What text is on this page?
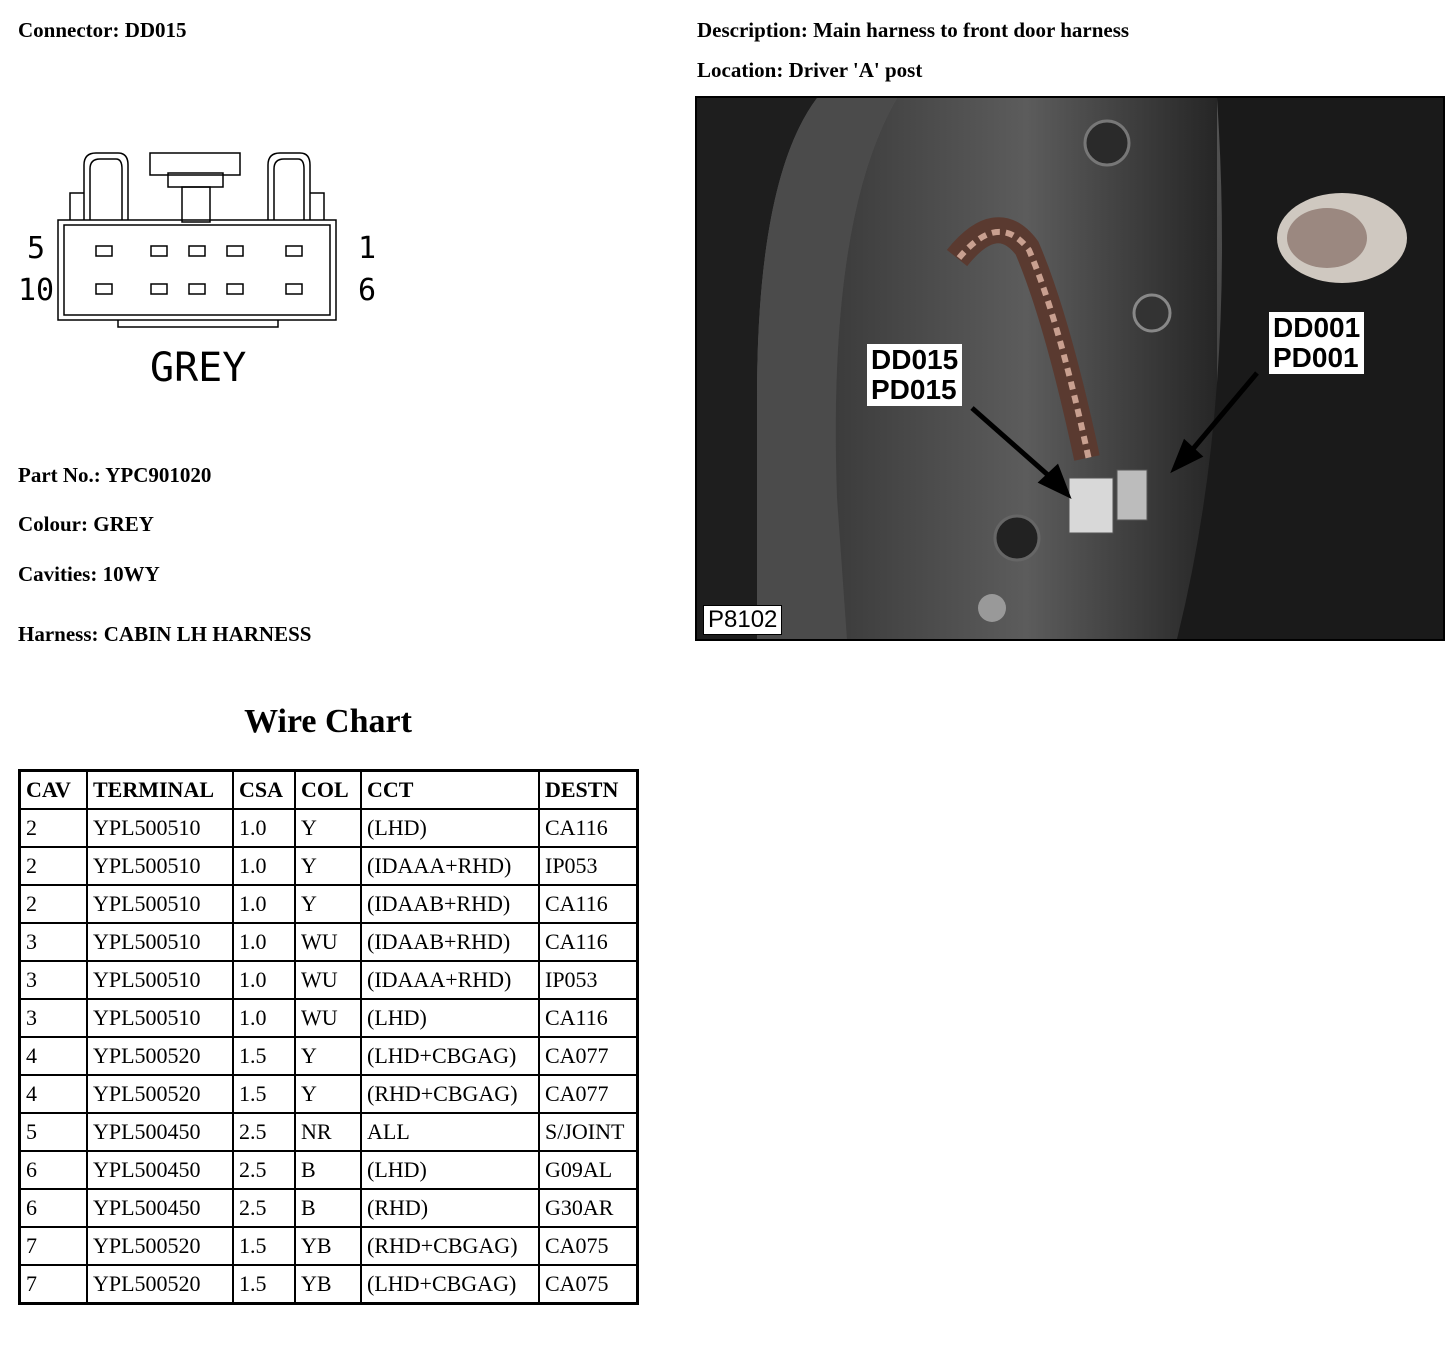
Connector: DD015	Description: Main harness to front door harness
Location: Driver 'A' post
5
10
1
6
GREY
Part No.: YPC901020
Colour: GREY
Cavities: 10WY
Harness: CABIN LH HARNESS
DD015
PD015
DD001
PD001
P8102
Wire Chart
CAV	TERMINAL	CSA	COL	CCT	DESTN
2	YPL500510	1.0	Y	(LHD)	CA116
2	YPL500510	1.0	Y	(IDAAA+RHD)	IP053
2	YPL500510	1.0	Y	(IDAAB+RHD)	CA116
3	YPL500510	1.0	WU	(IDAAB+RHD)	CA116
3	YPL500510	1.0	WU	(IDAAA+RHD)	IP053
3	YPL500510	1.0	WU	(LHD)	CA116
4	YPL500520	1.5	Y	(LHD+CBGAG)	CA077
4	YPL500520	1.5	Y	(RHD+CBGAG)	CA077
5	YPL500450	2.5	NR	ALL	S/JOINT
6	YPL500450	2.5	B	(LHD)	G09AL
6	YPL500450	2.5	B	(RHD)	G30AR
7	YPL500520	1.5	YB	(RHD+CBGAG)	CA075
7	YPL500520	1.5	YB	(LHD+CBGAG)	CA075
